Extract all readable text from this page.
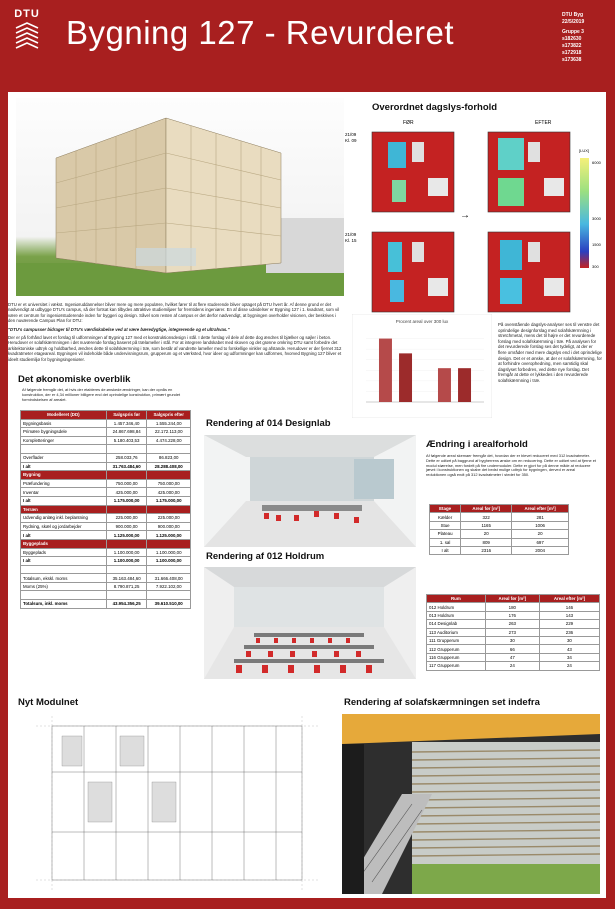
DTU Bygning 127 - Revurderet	DTU Byg
22/5/2019
Gruppe 3
s182630
s173822
s172918
s173638

DTU er et universitet i vækst. Ingeniøruddannelser bliver mere og mere populære, hvilket fører til at flere studerende bliver optaget på DTU hvert år. Af denne grund er det nødvendigt at udbygge DTU's campus, så der fortsat kan tilbydes attraktive studiemiljøer for fremtidens ingeniører. En af disse udvidelser er Bygning 127 i 1. kvadrant, som vil være et centrum for ingeniørstuderende inden for byggeri og design. Såvel som resten af campus er det derfor nødvendigt, at bygningen overholder visionen, der beskrives i den nuværende Campus Plan for DTU:

"DTU's campusser bidrager til DTU's værdiskabelse ved at være bæredygtige, integrerende og et ultrahvas."

Der er på forhånd lavet et forslag til udformningen af Bygning 127 med et konstruktionsdesign i stål. I dette forslag vil dele af dette dog ændres til bjælker og søjler i beton. Herudover er solafskærmningen i det nuværende forslag baseret på trælameller i stål. For at integrere landskabet med skoven og det grønne omkring DTU samt forbedre det arkitektoniske udtryk og holdbarhed, ændres dette til solafskærmning i træ, som består af vandrette lameller med to forskellige vinkler og afstande. Herudover er der fjernet 312 kvadratmeter etageareal. Bygningen vil indeholde både undervisningsrum, grupperum og et værksted, hvor ideer og udformninger kan udformes, hvorved Bygning 127 bliver et ideelt studiemiljø for bygningsingeniører.

Overordnet dagslys-forhold
FØR	EFTER
21/09
Kl. 09
21/09
Kl. 15
→
[LUX]
6000
3000
1500
300
Procent areal over 300 lux
På ovenstående dagslys-analyser ses til venstre det oprindelige designforslag med solafskærmning i stretchmetal, mens det til højre er det revurderede forslag med solafskærmning i træ. På analysen for det revurderede forslag ses det tydeligt, at der er flere områder med mere dagslys end i det oprindelige design. Det er et ønske, at der er solafskærmning, for at forhindre overophedning, men samtidig skal dagslyset forbedres, ved dette nye forslag. Det fremgår at dette er lykkedes i den revurderede solafskærmning i træ.
Det økonomiske overblik
Af følgende fremgår det, at hvis der etableres de ønskede ændringer, kan der opnås en konstruktion, der er 4,34 millioner billigere end det oprindelige konstruktion, primært grundet formindskelsen af arealet.
Modelleret (DD)	Salgspris før	Salgspris efter
Bygningsbasis	1.457.346,40	1.555.244,00
Primære bygningsdele	24.867.698,84	22.172.113,00
Kompletteringer	5.180.403,53	4.474.228,00

Overflader	258.033,76	86.823,00
I alt	31.763.484,60	28.288.408,00
Bygning		
Præfundering	750.000,00	750.000,00
Inventar	425.000,00	425.000,00
I alt	1.175.000,00	1.175.000,00
Terræn		
Udvendig anlæg inkl. beplantning	225.000,00	225.000,00
Rydning, skæl og jordarbejder	900.000,00	900.000,00
I alt	1.125.000,00	1.125.000,00
Byggeplads		
Byggeplads	1.100.000,00	1.100.000,00
I alt	1.100.000,00	1.100.000,00

Totalsum, ekskl. moms	35.163.484,60	31.666.408,00
Moms (25%)	8.790.871,25	7.922.102,00

Totalsum, inkl. moms	43.954.356,25	39.610.510,00
Rendering af 014 Designlab
Rendering af 012 Holdrum
Ændring i arealforhold
Af følgende areal skemaer fremgår det, hvordan der er blevet reduceret med 312 kvadratmeter. Dette er udført på baggrund af bygherrens ønske om en reducering. Dette er udført ved at fjerne et modul størrelse, men fordelt på fire undermoduler. Dette er gjort for på denne måde at reducere jævnt i konstruktionen og skabe det bedst mulige udtryk for bygningen, derved er areal reduktionen også endt på 312 kvadratmeter i stedet for 350.
Etage	Areal før [m²]	Areal efter [m²]
Kælder	322	281
Stue	1165	1006
Plateau	20	20
1. sal	809	697
I alt	2316	2004
Rum	Areal før [m²]	Areal efter [m²]
012 Holdrum	180	146
013 Holdrum	176	143
014 Designlab	263	229
113 Auditorium	273	236
111 Grupperum	30	30
112 Grupperum	66	43
116 Grupperum	47	34
117 Grupperum	24	24
Nyt Modulnet	Rendering af solafskærmningen set indefra
